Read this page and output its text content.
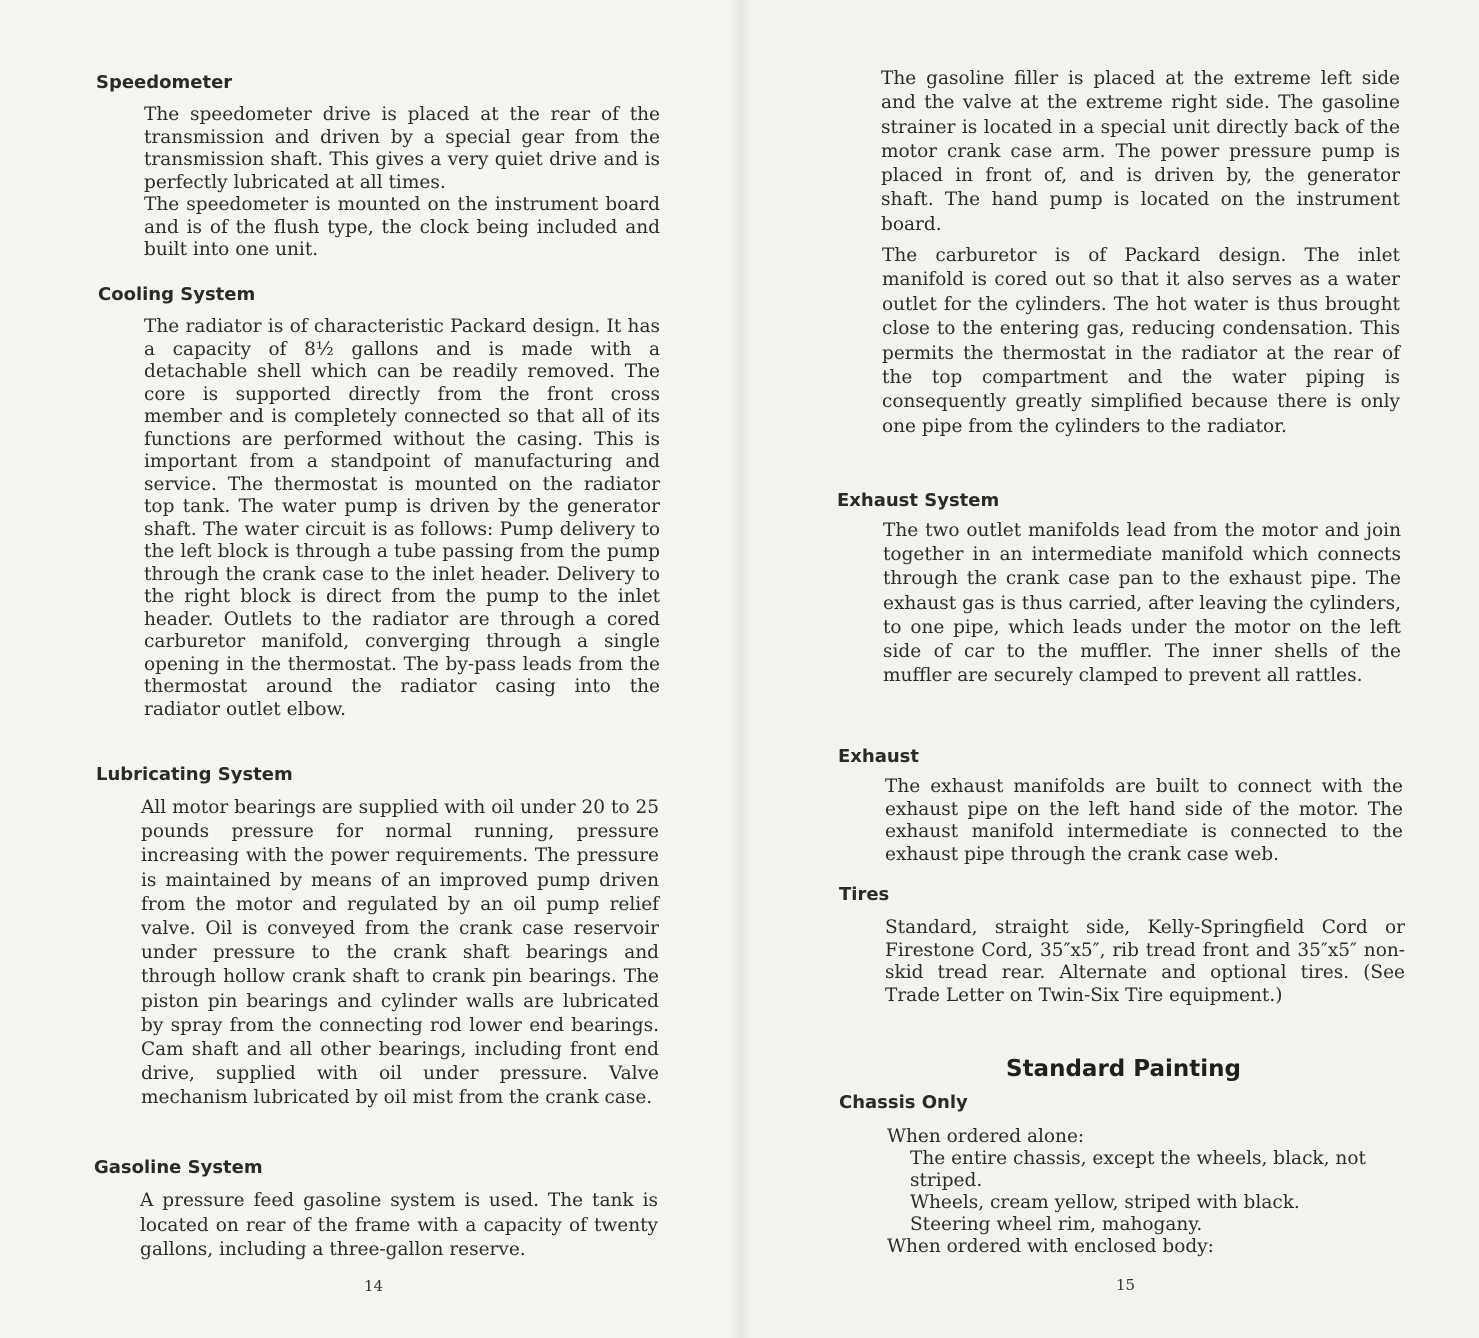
Speedometer

The speedometer drive is placed at the rear of the transmission and driven by a special gear from the transmission shaft. This gives a very quiet drive and is perfectly lubricated at all times.
The speedometer is mounted on the instrument board and is of the flush type, the clock being included and built into one unit.

Cooling System

The radiator is of characteristic Packard design. It has a capacity of 8½ gallons and is made with a detachable shell which can be readily removed. The core is supported directly from the front cross member and is completely connected so that all of its functions are performed without the casing. This is important from a standpoint of manufacturing and service. The thermostat is mounted on the radiator top tank. The water pump is driven by the generator shaft. The water circuit is as follows: Pump delivery to the left block is through a tube passing from the pump through the crank case to the inlet header. Delivery to the right block is direct from the pump to the inlet header. Outlets to the radiator are through a cored carburetor manifold, converging through a single opening in the thermostat. The by-pass leads from the thermostat around the radiator casing into the radiator outlet elbow.

Lubricating System

All motor bearings are supplied with oil under 20 to 25 pounds pressure for normal running, pressure increasing with the power requirements. The pressure is maintained by means of an improved pump driven from the motor and regulated by an oil pump relief valve. Oil is conveyed from the crank case reservoir under pressure to the crank shaft bearings and through hollow crank shaft to crank pin bearings. The piston pin bearings and cylinder walls are lubricated by spray from the connecting rod lower end bearings. Cam shaft and all other bearings, including front end drive, supplied with oil under pressure. Valve mechanism lubricated by oil mist from the crank case.

Gasoline System

A pressure feed gasoline system is used. The tank is located on rear of the frame with a capacity of twenty gallons, including a three-gallon reserve.

14

The gasoline filler is placed at the extreme left side and the valve at the extreme right side. The gasoline strainer is located in a special unit directly back of the motor crank case arm. The power pressure pump is placed in front of, and is driven by, the generator shaft. The hand pump is located on the instrument board.

The carburetor is of Packard design. The inlet manifold is cored out so that it also serves as a water outlet for the cylinders. The hot water is thus brought close to the entering gas, reducing condensation. This permits the thermostat in the radiator at the rear of the top compartment and the water piping is consequently greatly simplified because there is only one pipe from the cylinders to the radiator.

Exhaust System

The two outlet manifolds lead from the motor and join together in an intermediate manifold which connects through the crank case pan to the exhaust pipe. The exhaust gas is thus carried, after leaving the cylinders, to one pipe, which leads under the motor on the left side of car to the muffler. The inner shells of the muffler are securely clamped to prevent all rattles.

Exhaust

The exhaust manifolds are built to connect with the exhaust pipe on the left hand side of the motor. The exhaust manifold intermediate is connected to the exhaust pipe through the crank case web.

Tires

Standard, straight side, Kelly-Springfield Cord or Firestone Cord, 35″x5″, rib tread front and 35″x5″ non-skid tread rear. Alternate and optional tires. (See Trade Letter on Twin-Six Tire equipment.)

Standard Painting
Chassis Only

When ordered alone:

The entire chassis, except the wheels, black, not

striped.

Wheels, cream yellow, striped with black.

Steering wheel rim, mahogany.

When ordered with enclosed body:

15
